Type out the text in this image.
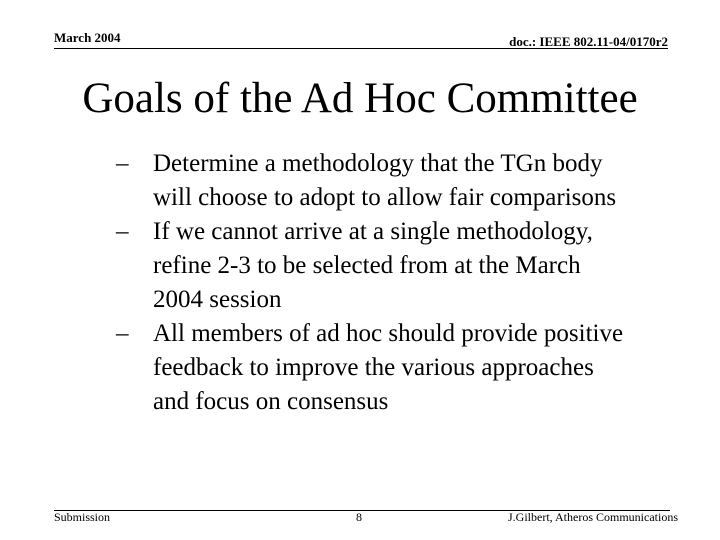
March 2004	doc.: IEEE 802.11-04/0170r2
Goals of the Ad Hoc Committee
– Determine a methodology that the TGn body
will choose to adopt to allow fair comparisons
– If we cannot arrive at a single methodology,
refine 2-3 to be selected from at the March
2004 session
– All members of ad hoc should provide positive
feedback to improve the various approaches
and focus on consensus
Submission	8	J.Gilbert, Atheros Communications
